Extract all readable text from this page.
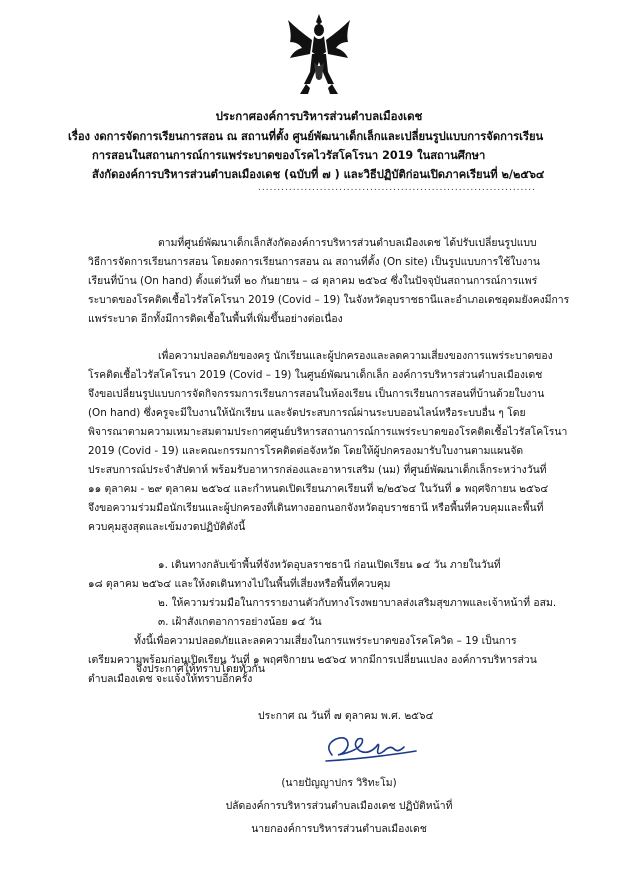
ประกาศองค์การบริหารส่วนตำบลเมืองเดช
เรื่อง งดการจัดการเรียนการสอน ณ สถานที่ตั้ง ศูนย์พัฒนาเด็กเล็กและเปลี่ยนรูปแบบการจัดการเรียน
การสอนในสถานการณ์การแพร่ระบาดของโรคไวรัสโคโรนา 2019 ในสถานศึกษา
สังกัดองค์การบริหารส่วนตำบลเมืองเดช (ฉบับที่ ๗ ) และวิธีปฏิบัติก่อนเปิดภาคเรียนที่ ๒/๒๕๖๔
........................................................................
ตามที่ศูนย์พัฒนาเด็กเล็กสังกัดองค์การบริหารส่วนตำบลเมืองเดช ได้ปรับเปลี่ยนรูปแบบ
วิธีการจัดการเรียนการสอน โดยงดการเรียนการสอน ณ สถานที่ตั้ง (On site) เป็นรูปแบบการใช้ใบงาน
เรียนที่บ้าน (On hand) ตั้งแต่วันที่ ๒๐ กันยายน – ๘ ตุลาคม ๒๕๖๔ ซึ่งในปัจจุบันสถานการณ์การแพร่
ระบาดของโรคติดเชื้อไวรัสโคโรนา 2019 (Covid – 19) ในจังหวัดอุบราชธานีและอำเภอเดชอุดมยังคงมีการ
แพร่ระบาด อีกทั้งมีการติดเชื้อในพื้นที่เพิ่มขึ้นอย่างต่อเนื่อง
เพื่อความปลอดภัยของครู นักเรียนและผู้ปกครองและลดความเสี่ยงของการแพร่ระบาดของ
โรคติดเชื้อไวรัสโคโรนา 2019 (Covid – 19) ในศูนย์พัฒนาเด็กเล็ก องค์การบริหารส่วนตำบลเมืองเดช
จึงขอเปลี่ยนรูปแบบการจัดกิจกรรมการเรียนการสอนในห้องเรียน เป็นการเรียนการสอนที่บ้านด้วยใบงาน
(On hand) ซึ่งครูจะมีใบงานให้นักเรียน และจัดประสบการณ์ผ่านระบบออนไลน์หรือระบบอื่น ๆ โดย
พิจารณาตามความเหมาะสมตามประกาศศูนย์บริหารสถานการณ์การแพร่ระบาดของโรคติดเชื้อไวรัสโคโรนา
2019 (Covid - 19) และคณะกรรมการโรคติดต่อจังหวัด โดยให้ผู้ปกครองมารับใบงานตามแผนจัด
ประสบการณ์ประจำสัปดาห์ พร้อมรับอาหารกล่องและอาหารเสริม (นม) ที่ศูนย์พัฒนาเด็กเล็กระหว่างวันที่
๑๑ ตุลาคม - ๒๙ ตุลาคม ๒๕๖๔ และกำหนดเปิดเรียนภาคเรียนที่ ๒/๒๕๖๔ ในวันที่ ๑ พฤศจิกายน ๒๕๖๔
จึงขอความร่วมมือนักเรียนและผู้ปกครองที่เดินทางออกนอกจังหวัดอุบราชธานี หรือพื้นที่ควบคุมและพื้นที่
ควบคุมสูงสุดและเข้มงวดปฏิบัติดังนี้
๑. เดินทางกลับเข้าพื้นที่จังหวัดอุบลราชธานี ก่อนเปิดเรียน ๑๔ วัน ภายในวันที่
๑๘ ตุลาคม ๒๕๖๔ และให้งดเดินทางไปในพื้นที่เสี่ยงหรือพื้นที่ควบคุม
๒. ให้ความร่วมมือในการรายงานตัวกับทางโรงพยาบาลส่งเสริมสุขภาพและเจ้าหน้าที่ อสม.
๓. เฝ้าสังเกตอาการอย่างน้อย ๑๔ วัน
ทั้งนี้เพื่อความปลอดภัยและลดความเสี่ยงในการแพร่ระบาดของโรคโควิด – 19 เป็นการ
เตรียมความพร้อมก่อนเปิดเรียน วันที่ ๑ พฤศจิกายน ๒๕๖๔ หากมีการเปลี่ยนแปลง องค์การบริหารส่วน
ตำบลเมืองเดช จะแจ้งให้ทราบอีกครั้ง
จึงประกาศให้ทราบโดยทั่วกัน
ประกาศ ณ วันที่ ๗ ตุลาคม พ.ศ. ๒๕๖๔
(นายปัญญาปกร วิริทะโม)
ปลัดองค์การบริหารส่วนตำบลเมืองเดช ปฏิบัติหน้าที่
นายกองค์การบริหารส่วนตำบลเมืองเดช
